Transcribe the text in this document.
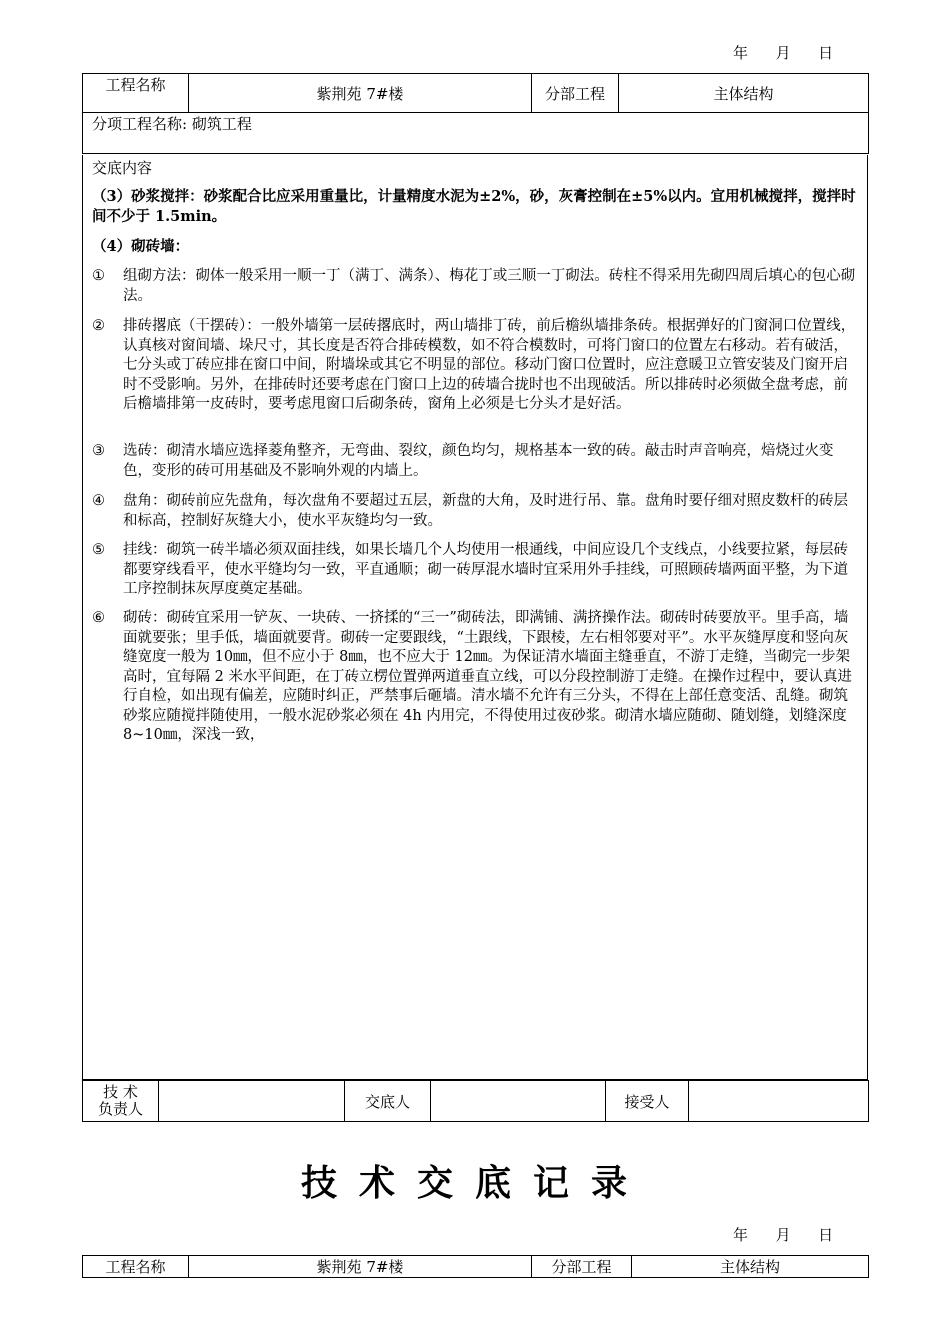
年 月 日
工程名称	紫荆苑 7#楼	分部工程	主体结构
分项工程名称: 砌筑工程
交底内容
（3）砂浆搅拌：砂浆配合比应采用重量比，计量精度水泥为±2%，砂，灰膏控制在±5%以内。宜用机械搅拌，搅拌时间不少于 1.5min。
（4）砌砖墙：
①	组砌方法：砌体一般采用一顺一丁（满丁、满条）、梅花丁或三顺一丁砌法。砖柱不得采用先砌四周后填心的包心砌法。
②	排砖撂底（干摆砖）：一般外墙第一层砖撂底时，两山墙排丁砖，前后檐纵墙排条砖。根据弹好的门窗洞口位置线，认真核对窗间墙、垛尺寸，其长度是否符合排砖模数，如不符合模数时，可将门窗口的位置左右移动。若有破活，七分头或丁砖应排在窗口中间，附墙垛或其它不明显的部位。移动门窗口位置时，应注意暖卫立管安装及门窗开启时不受影响。另外，在排砖时还要考虑在门窗口上边的砖墙合拢时也不出现破活。所以排砖时必须做全盘考虑，前后檐墙排第一皮砖时，要考虑甩窗口后砌条砖，窗角上必须是七分头才是好活。
③	选砖：砌清水墙应选择菱角整齐，无弯曲、裂纹，颜色均匀，规格基本一致的砖。敲击时声音响亮，焙烧过火变色，变形的砖可用基础及不影响外观的内墙上。
④	盘角：砌砖前应先盘角，每次盘角不要超过五层，新盘的大角，及时进行吊、靠。盘角时要仔细对照皮数杆的砖层和标高，控制好灰缝大小，使水平灰缝均匀一致。
⑤	挂线：砌筑一砖半墙必须双面挂线，如果长墙几个人均使用一根通线，中间应设几个支线点，小线要拉紧，每层砖都要穿线看平，使水平缝均匀一致，平直通顺；砌一砖厚混水墙时宜采用外手挂线，可照顾砖墙两面平整，为下道工序控制抹灰厚度奠定基础。
⑥	砌砖：砌砖宜采用一铲灰、一块砖、一挤揉的“三一”砌砖法，即满铺、满挤操作法。砌砖时砖要放平。里手高，墙面就要张；里手低，墙面就要背。砌砖一定要跟线，“土跟线，下跟棱，左右相邻要对平”。水平灰缝厚度和竖向灰缝宽度一般为 10㎜，但不应小于 8㎜，也不应大于 12㎜。为保证清水墙面主缝垂直，不游丁走缝，当砌完一步架高时，宜每隔 2 米水平间距，在丁砖立楞位置弹两道垂直立线，可以分段控制游丁走缝。在操作过程中，要认真进行自检，如出现有偏差，应随时纠正，严禁事后砸墙。清水墙不允许有三分头，不得在上部任意变活、乱缝。砌筑砂浆应随搅拌随使用，一般水泥砂浆必须在 4h 内用完，不得使用过夜砂浆。砌清水墙应随砌、随划缝，划缝深度 8~10㎜，深浅一致，
技 术
负责人		交底人		接受人	
技术交底记录
年 月 日
工程名称	紫荆苑 7#楼	分部工程	主体结构
